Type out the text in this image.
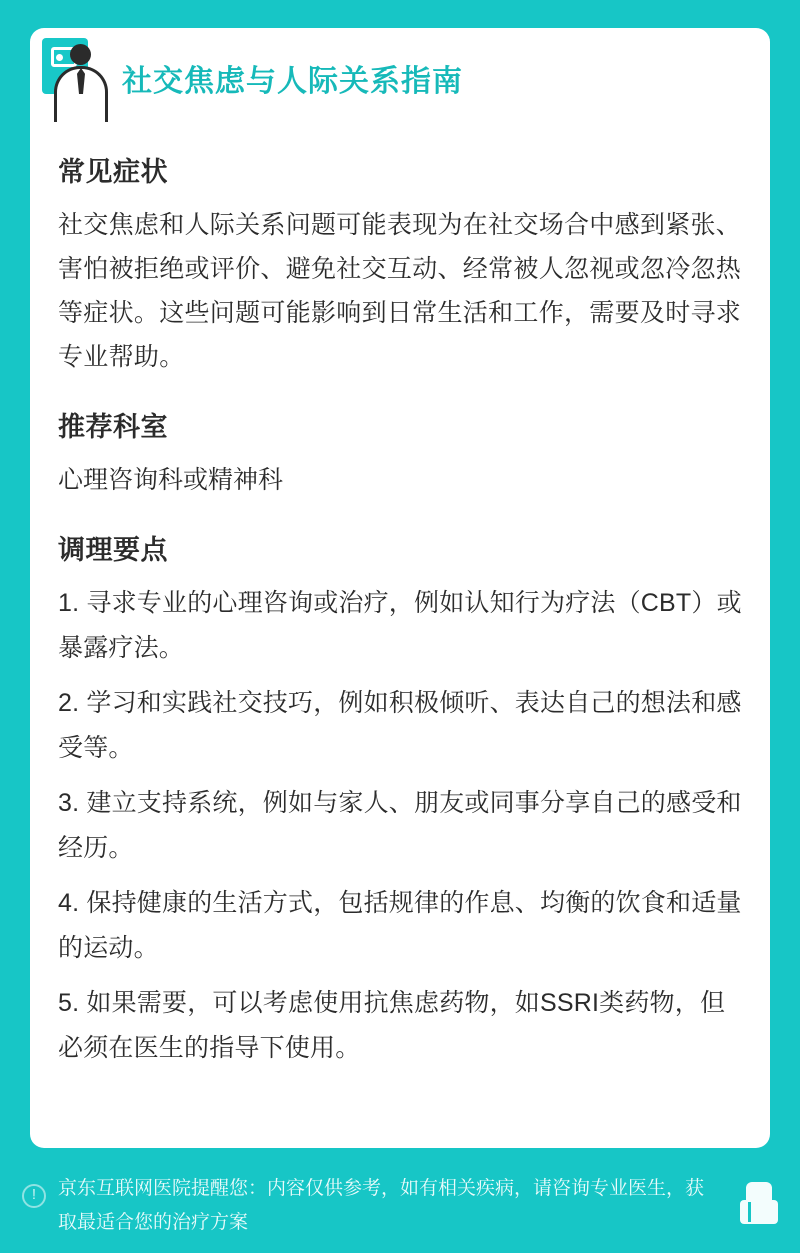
社交焦虑与人际关系指南
常见症状

社交焦虑和人际关系问题可能表现为在社交场合中感到紧张、害怕被拒绝或评价、避免社交互动、经常被人忽视或忽冷忽热等症状。这些问题可能影响到日常生活和工作，需要及时寻求专业帮助。

推荐科室

心理咨询科或精神科

调理要点
1. 寻求专业的心理咨询或治疗，例如认知行为疗法（CBT）或暴露疗法。
2. 学习和实践社交技巧，例如积极倾听、表达自己的想法和感受等。
3. 建立支持系统，例如与家人、朋友或同事分享自己的感受和经历。
4. 保持健康的生活方式，包括规律的作息、均衡的饮食和适量的运动。
5. 如果需要，可以考虑使用抗焦虑药物，如SSRI类药物，但必须在医生的指导下使用。
!	京东互联网医院提醒您：内容仅供参考，如有相关疾病，请咨询专业医生，获取最适合您的治疗方案
